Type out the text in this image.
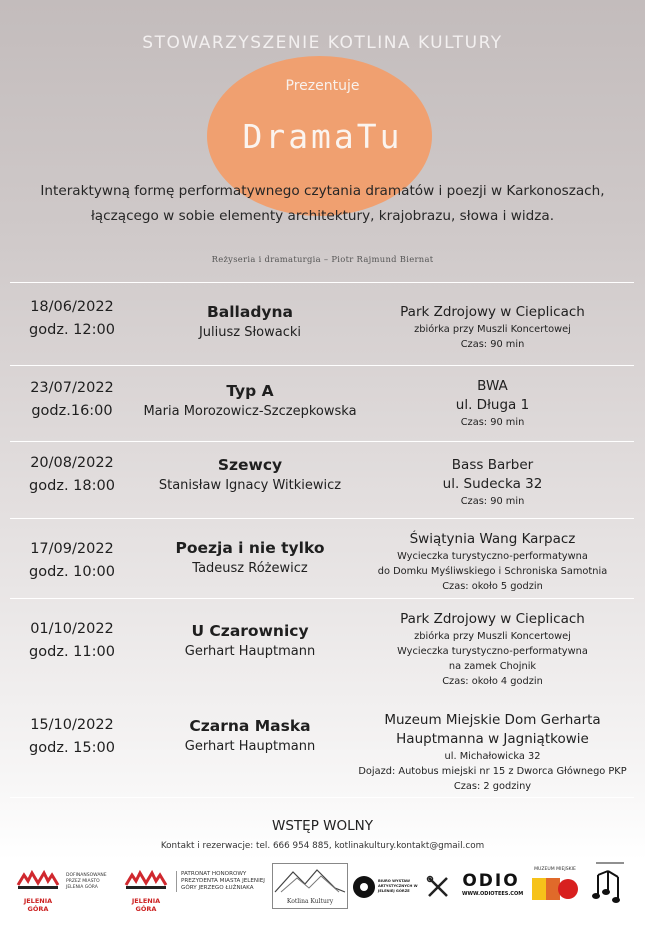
STOWARZYSZENIE KOTLINA KULTURY
Prezentuje
DramaTu
Interaktywną formę performatywnego czytania dramatów i poezji w Karkonoszach,
łączącego w sobie elementy architektury, krajobrazu, słowa i widza.
Reżyseria i dramaturgia – Piotr Rajmund Biernat
18/06/2022
godz. 12:00
Balladyna
Juliusz Słowacki
Park Zdrojowy w Cieplicach
zbiórka przy Muszli Koncertowej
Czas: 90 min
23/07/2022
godz.16:00
Typ A
Maria Morozowicz-Szczepkowska
BWA
ul. Długa 1
Czas: 90 min
20/08/2022
godz. 18:00
Szewcy
Stanisław Ignacy Witkiewicz
Bass Barber
ul. Sudecka 32
Czas: 90 min
17/09/2022
godz. 10:00
Poezja i nie tylko
Tadeusz Różewicz
Świątynia Wang Karpacz
Wycieczka turystyczno-performatywna
do Domku Myśliwskiego i Schroniska Samotnia
Czas: około 5 godzin
01/10/2022
godz. 11:00
U Czarownicy
Gerhart Hauptmann
Park Zdrojowy w Cieplicach
zbiórka przy Muszli Koncertowej
Wycieczka turystyczno-performatywna
na zamek Chojnik
Czas: około 4 godzin
15/10/2022
godz. 15:00
Czarna Maska
Gerhart Hauptmann
Muzeum Miejskie Dom Gerharta
Hauptmanna w Jagniątkowie
ul. Michałowicka 32
Dojazd: Autobus miejski nr 15 z Dworca Głównego PKP
Czas: 2 godziny
WSTĘP WOLNY
Kontakt i rezerwacje: tel. 666 954 885, kotlinakultury.kontakt@gmail.com
JELENIA GÓRA
DOFINANSOWANE PRZEZ MIASTO JELENIA GÓRA
JELENIA GÓRA
PATRONAT HONOROWY PREZYDENTA MIASTA JELENIEJ GÓRY JERZEGO ŁUŻNIAKA
Kotlina Kultury
BIURO WYSTAW ARTYSTYCZNYCH W JELENIEJ GÓRZE	ODIO
WWW.ODIOTEES.COM
MUZEUM MIEJSKIE
